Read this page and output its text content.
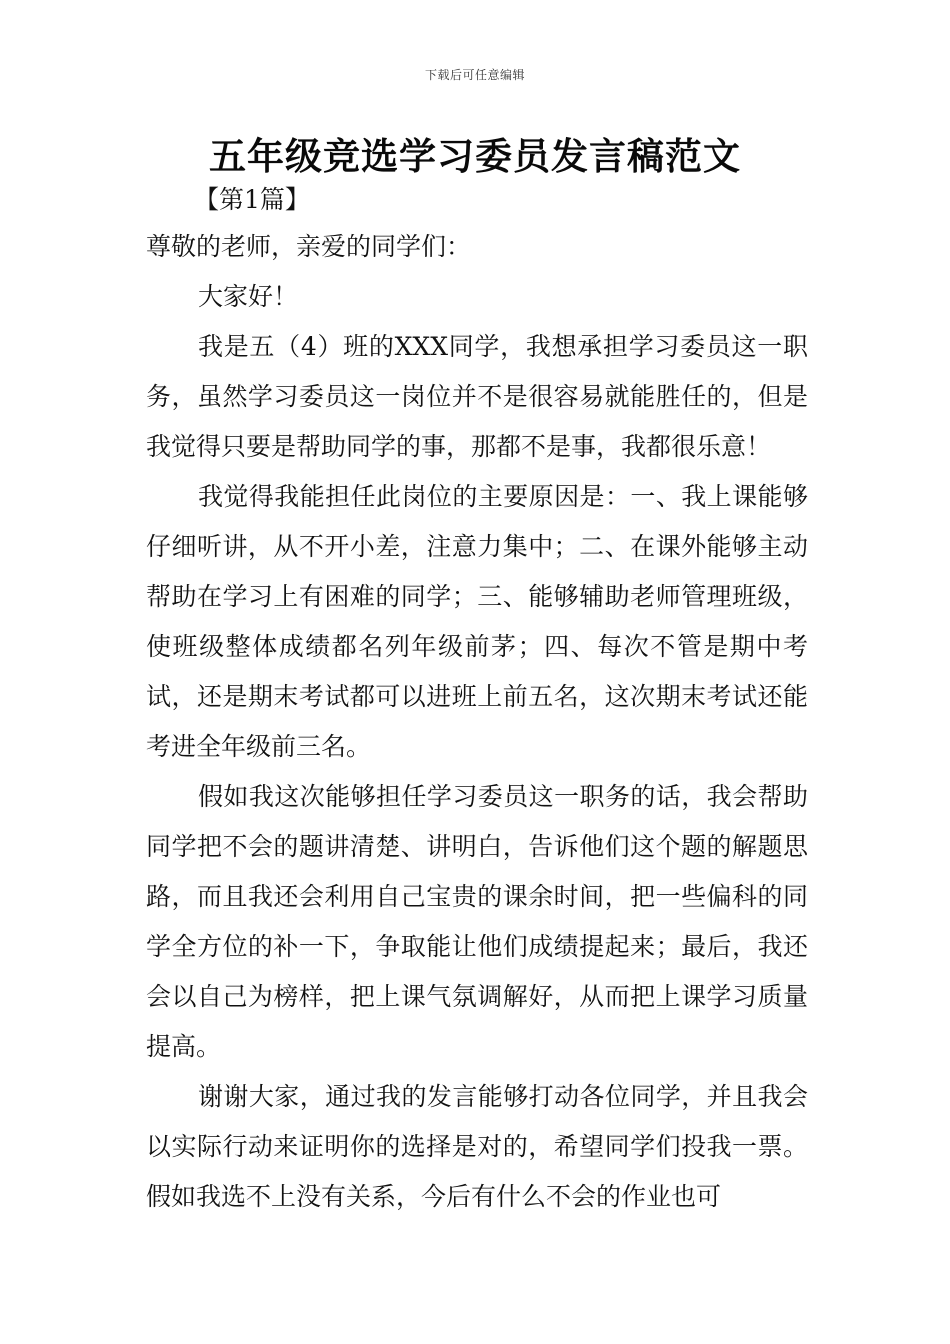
下载后可任意编辑
五年级竞选学习委员发言稿范文
【第1篇】

尊敬的老师，亲爱的同学们：

大家好！

我是五（4）班的XXX同学，我想承担学习委员这一职务，虽然学习委员这一岗位并不是很容易就能胜任的，但是我觉得只要是帮助同学的事，那都不是事，我都很乐意！

我觉得我能担任此岗位的主要原因是：一、我上课能够仔细听讲，从不开小差，注意力集中；二、在课外能够主动帮助在学习上有困难的同学；三、能够辅助老师管理班级，使班级整体成绩都名列年级前茅；四、每次不管是期中考试，还是期末考试都可以进班上前五名，这次期末考试还能考进全年级前三名。

假如我这次能够担任学习委员这一职务的话，我会帮助同学把不会的题讲清楚、讲明白，告诉他们这个题的解题思路，而且我还会利用自己宝贵的课余时间，把一些偏科的同学全方位的补一下，争取能让他们成绩提起来；最后，我还会以自己为榜样，把上课气氛调解好，从而把上课学习质量提高。

谢谢大家，通过我的发言能够打动各位同学，并且我会以实际行动来证明你的选择是对的，希望同学们投我一票。假如我选不上没有关系，今后有什么不会的作业也可
